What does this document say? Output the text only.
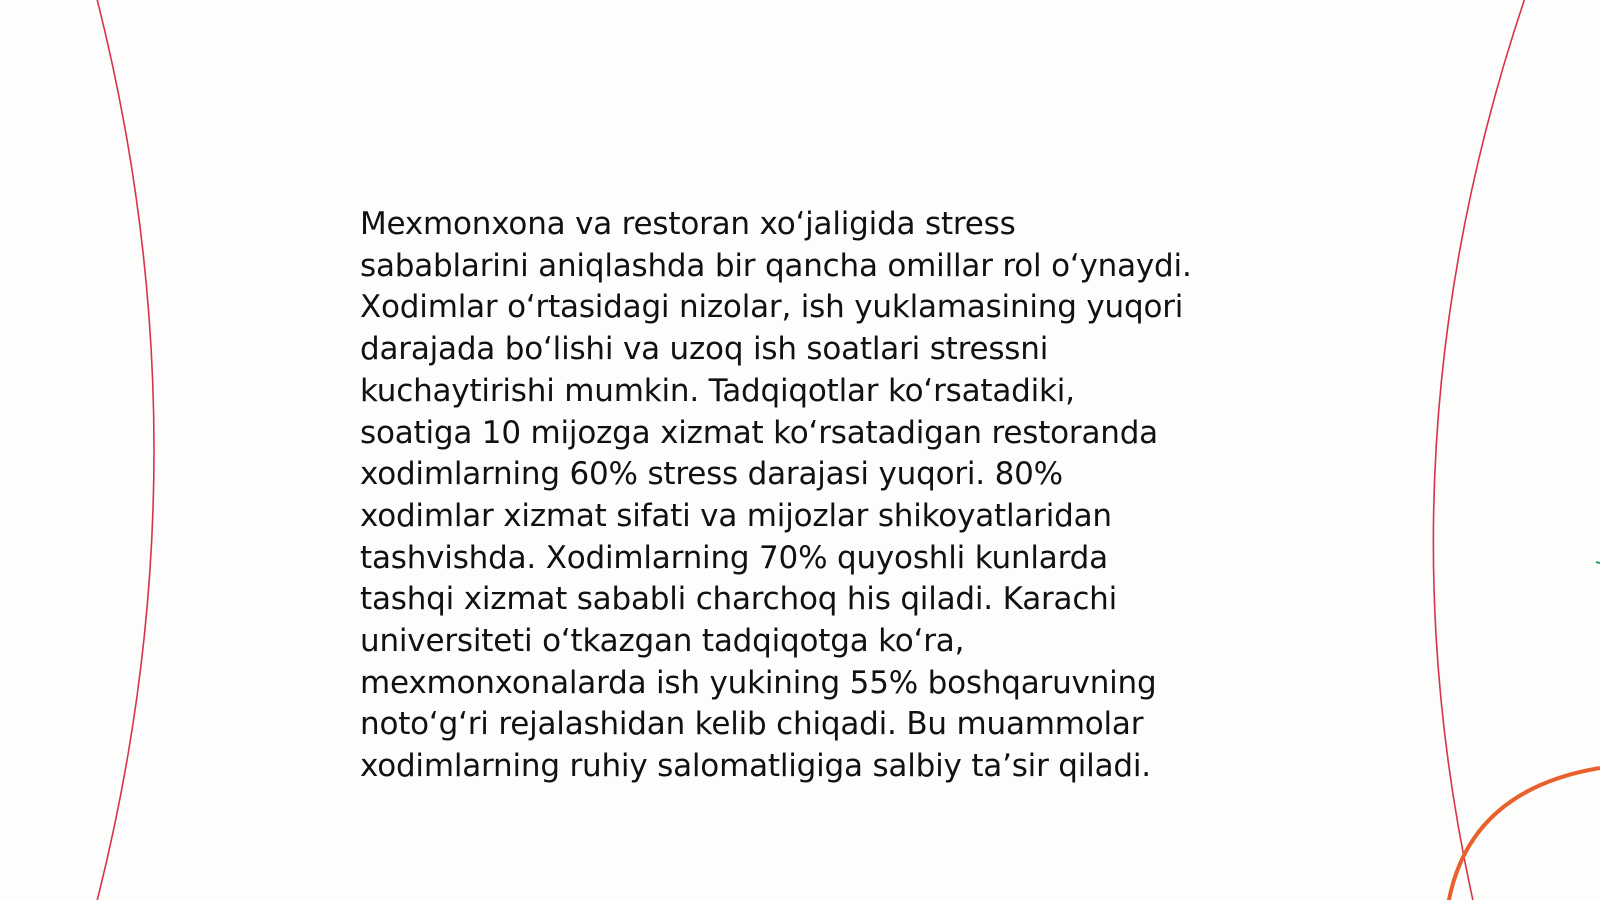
Mexmonxona va restoran xoʻjaligida stress
sabablarini aniqlashda bir qancha omillar rol oʻynaydi.
Xodimlar oʻrtasidagi nizolar, ish yuklamasining yuqori
darajada boʻlishi va uzoq ish soatlari stressni
kuchaytirishi mumkin. Tadqiqotlar koʻrsatadiki,
soatiga 10 mijozga xizmat koʻrsatadigan restoranda
xodimlarning 60% stress darajasi yuqori. 80%
xodimlar xizmat sifati va mijozlar shikoyatlaridan
tashvishda. Xodimlarning 70% quyoshli kunlarda
tashqi xizmat sababli charchoq his qiladi. Karachi
universiteti oʻtkazgan tadqiqotga koʻra,
mexmonxonalarda ish yukining 55% boshqaruvning
notoʻgʻri rejalashidan kelib chiqadi. Bu muammolar
xodimlarning ruhiy salomatligiga salbiy taʼsir qiladi.
